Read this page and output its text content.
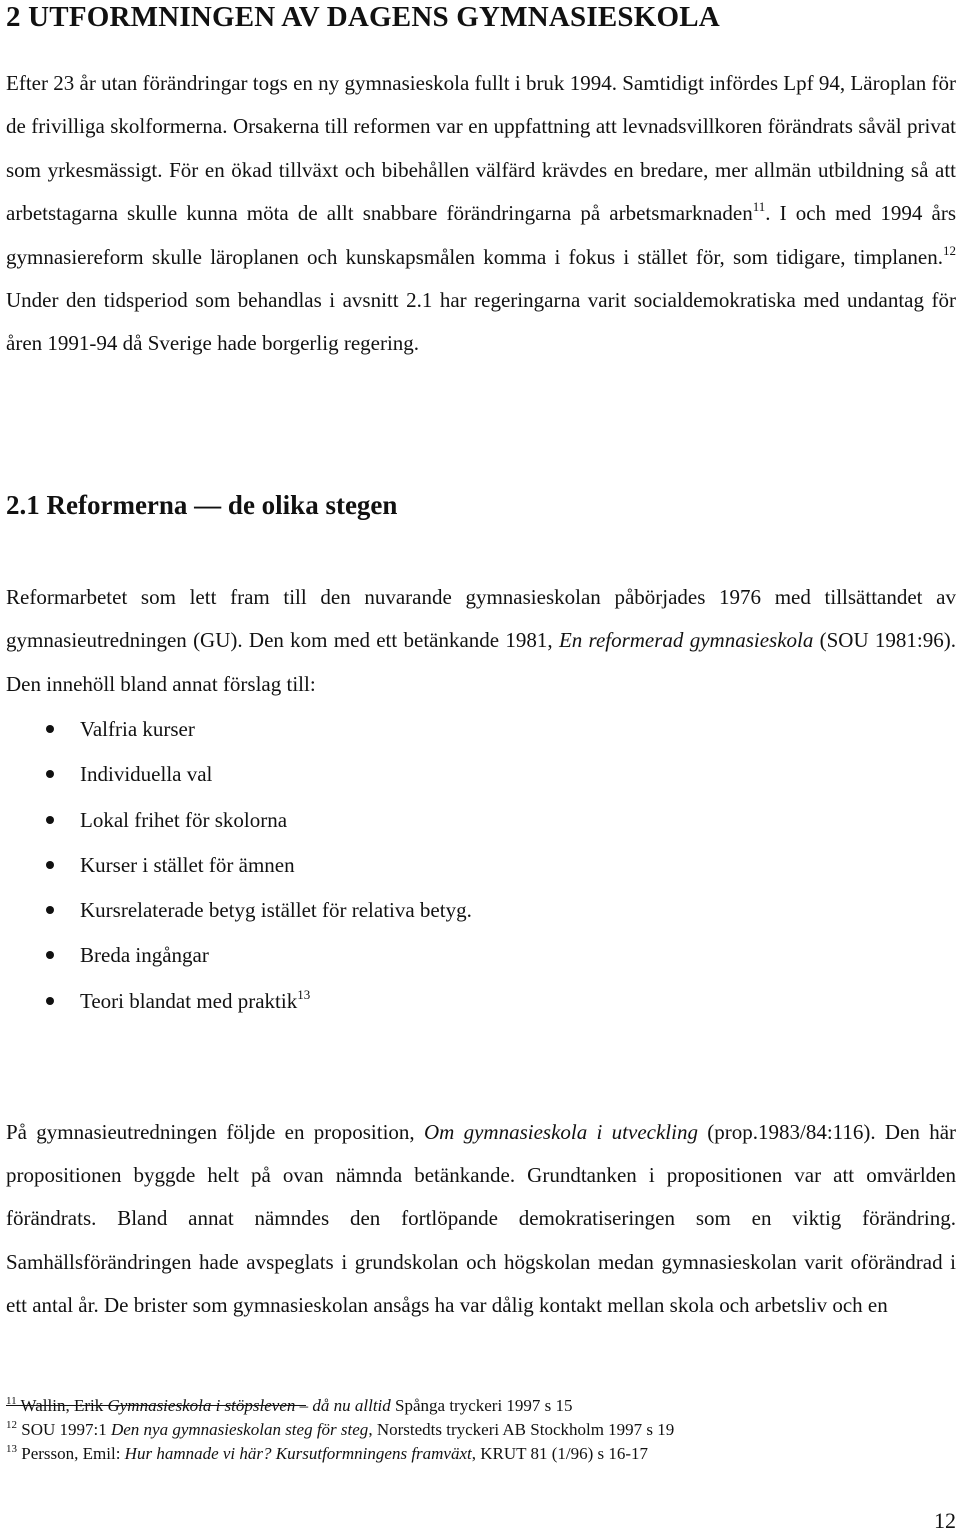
2 UTFORMNINGEN AV DAGENS GYMNASIESKOLA

Efter 23 år utan förändringar togs en ny gymnasieskola fullt i bruk 1994. Samtidigt infördes Lpf 94, Läroplan för de frivilliga skolformerna. Orsakerna till reformen var en uppfattning att levnadsvillkoren förändrats såväl privat som yrkesmässigt. För en ökad tillväxt och bibehållen välfärd krävdes en bredare, mer allmän utbildning så att arbetstagarna skulle kunna möta de allt snabbare förändringarna på arbetsmarknaden$^{11}$. I och med 1994 års gymnasiereform skulle läroplanen och kunskapsmålen komma i fokus i stället för, som tidigare, timplanen.$^{12}$ Under den tidsperiod som behandlas i avsnitt 2.1 har regeringarna varit socialdemokratiska med undantag för åren 1991-94 då Sverige hade borgerlig regering.

2.1 Reformerna — de olika stegen

Reformarbetet som lett fram till den nuvarande gymnasieskolan påbörjades 1976 med tillsättandet av gymnasieutredningen (GU). Den kom med ett betänkande 1981, En reformerad gymnasieskola (SOU 1981:96). Den innehöll bland annat förslag till:

Valfria kurser
Individuella val
Lokal frihet för skolorna
Kurser i stället för ämnen
Kursrelaterade betyg istället för relativa betyg.
Breda ingångar
Teori blandat med praktik$^{13}$

På gymnasieutredningen följde en proposition, Om gymnasieskola i utveckling (prop.1983/84:116). Den här propositionen byggde helt på ovan nämnda betänkande. Grundtanken i propositionen var att omvärlden förändrats. Bland annat nämndes den fortlöpande demokratiseringen som en viktig förändring. Samhällsförändringen hade avspeglats i grundskolan och högskolan medan gymnasieskolan varit oförändrad i ett antal år. De brister som gymnasieskolan ansågs ha var dålig kontakt mellan skola och arbetsliv och en

$^{11}$ Wallin, Erik Gymnasieskola i stöpsleven – då nu alltid Spånga tryckeri 1997 s 15
$^{12}$ SOU 1997:1 Den nya gymnasieskolan steg för steg, Norstedts tryckeri AB Stockholm 1997 s 19
$^{13}$ Persson, Emil: Hur hamnade vi här? Kursutformningens framväxt, KRUT 81 (1/96) s 16-17
12
